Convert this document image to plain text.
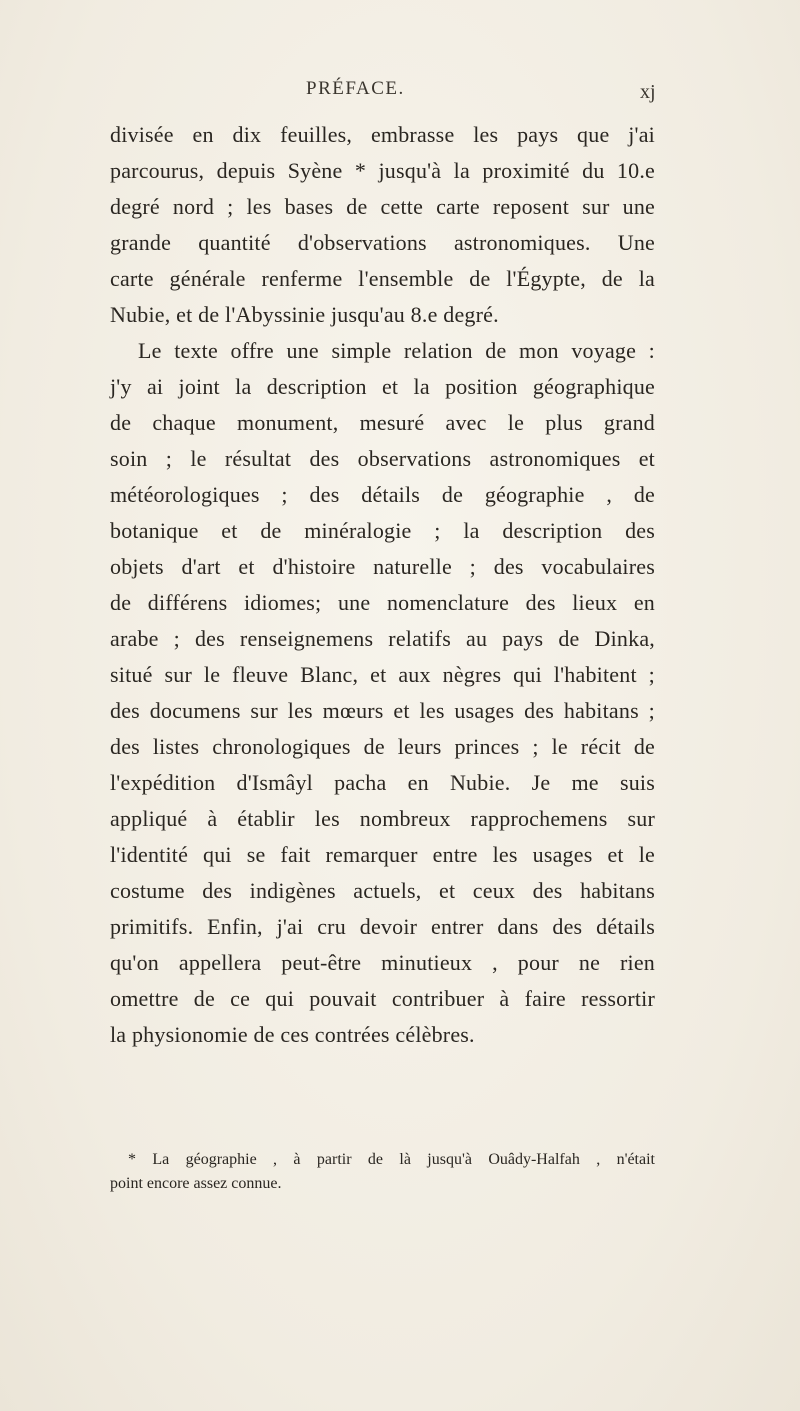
PRÉFACE.	xj
divisée en dix feuilles, embrasse les pays que j'ai
parcourus, depuis Syène * jusqu'à la proximité du 10.e
degré nord ; les bases de cette carte reposent sur une
grande quantité d'observations astronomiques. Une
carte générale renferme l'ensemble de l'Égypte, de la
Nubie, et de l'Abyssinie jusqu'au 8.e degré.
Le texte offre une simple relation de mon voyage :
j'y ai joint la description et la position géographique
de chaque monument, mesuré avec le plus grand
soin ; le résultat des observations astronomiques et
météorologiques ; des détails de géographie , de
botanique et de minéralogie ; la description des
objets d'art et d'histoire naturelle ; des vocabulaires
de différens idiomes; une nomenclature des lieux en
arabe ; des renseignemens relatifs au pays de Dinka,
situé sur le fleuve Blanc, et aux nègres qui l'habitent ;
des documens sur les mœurs et les usages des habitans ;
des listes chronologiques de leurs princes ; le récit de
l'expédition d'Ismâyl pacha en Nubie. Je me suis
appliqué à établir les nombreux rapprochemens sur
l'identité qui se fait remarquer entre les usages et le
costume des indigènes actuels, et ceux des habitans
primitifs. Enfin, j'ai cru devoir entrer dans des détails
qu'on appellera peut-être minutieux , pour ne rien
omettre de ce qui pouvait contribuer à faire ressortir
la physionomie de ces contrées célèbres.
* La géographie , à partir de là jusqu'à Ouâdy-Halfah , n'était
point encore assez connue.
